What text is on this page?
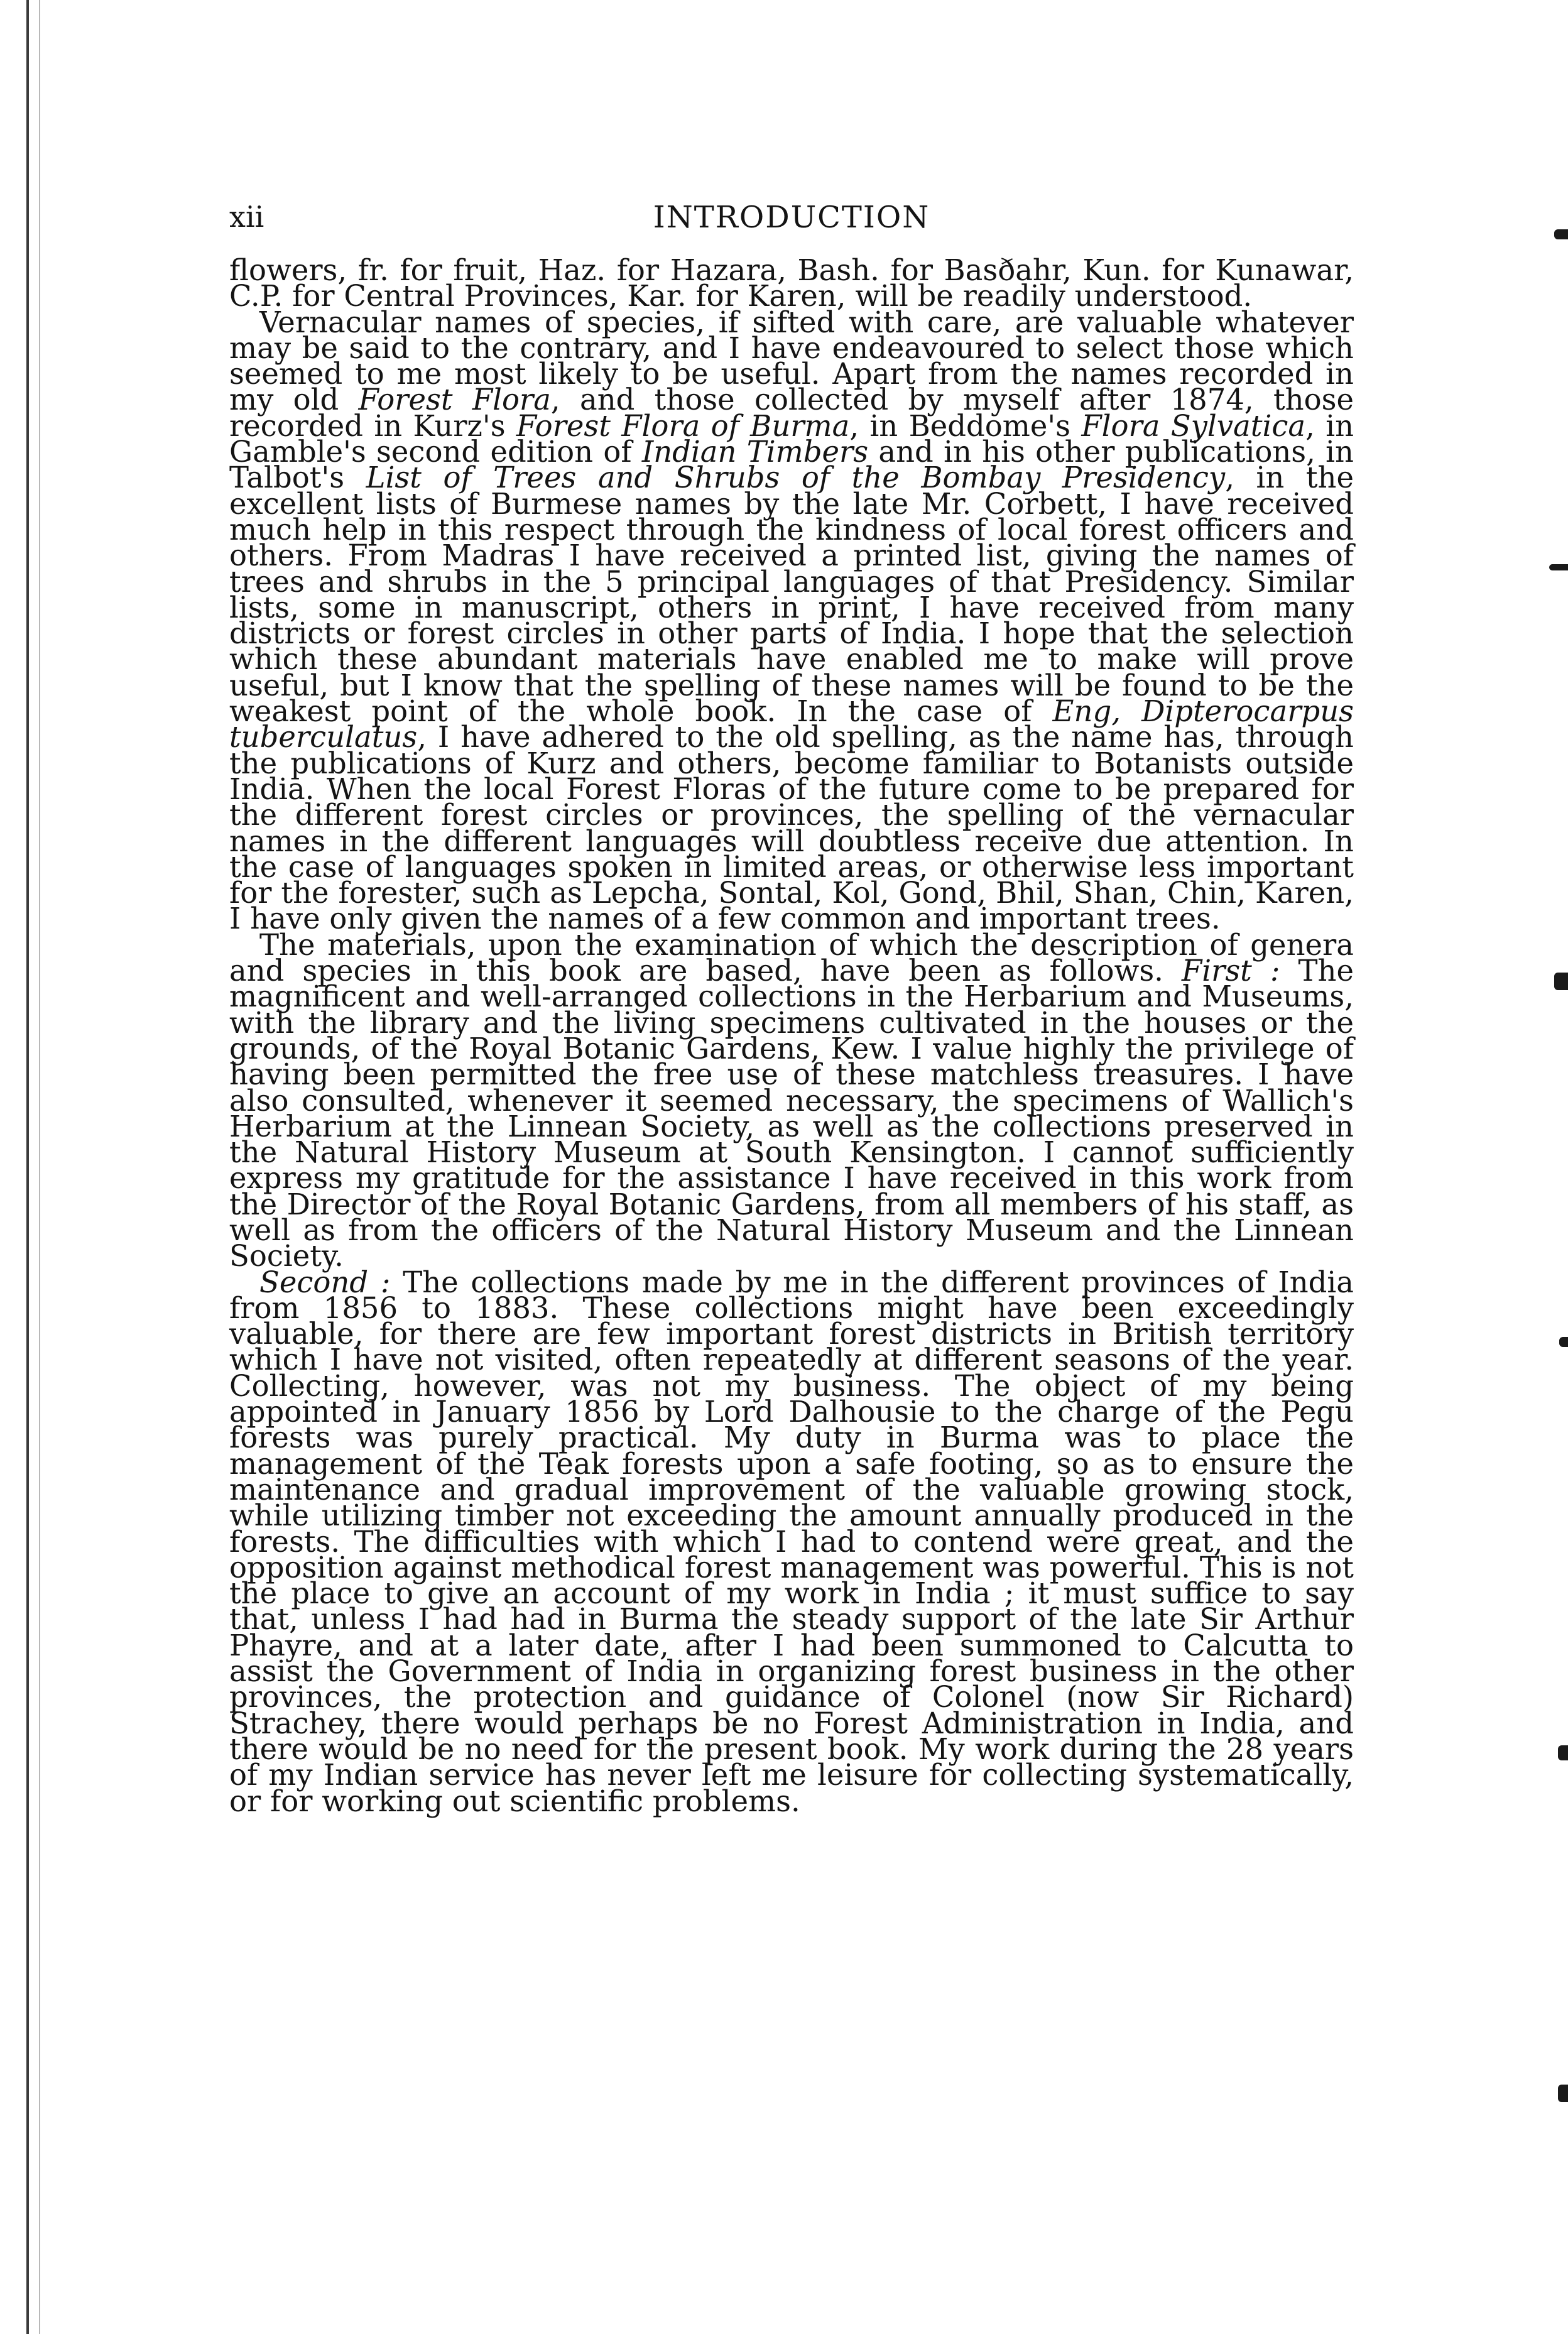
xii	INTRODUCTION

flowers, fr. for fruit, Haz. for Hazara, Bash. for Basðahr, Kun. for Kunawar, C.P. for Central Provinces, Kar. for Karen, will be readily understood.

Vernacular names of species, if sifted with care, are valuable whatever may be said to the contrary, and I have endeavoured to select those which seemed to me most likely to be useful. Apart from the names recorded in my old Forest Flora, and those collected by myself after 1874, those recorded in Kurz's Forest Flora of Burma, in Beddome's Flora Sylvatica, in Gamble's second edition of Indian Timbers and in his other publications, in Talbot's List of Trees and Shrubs of the Bombay Presidency, in the excellent lists of Burmese names by the late Mr. Corbett, I have received much help in this respect through the kindness of local forest officers and others. From Madras I have received a printed list, giving the names of trees and shrubs in the 5 principal languages of that Presidency. Similar lists, some in manuscript, others in print, I have received from many districts or forest circles in other parts of India. I hope that the selection which these abundant materials have enabled me to make will prove useful, but I know that the spelling of these names will be found to be the weakest point of the whole book. In the case of Eng, Dipterocarpus tuberculatus, I have adhered to the old spelling, as the name has, through the publications of Kurz and others, become familiar to Botanists outside India. When the local Forest Floras of the future come to be prepared for the different forest circles or provinces, the spelling of the vernacular names in the different languages will doubtless receive due attention. In the case of languages spoken in limited areas, or otherwise less important for the forester, such as Lepcha, Sontal, Kol, Gond, Bhil, Shan, Chin, Karen, I have only given the names of a few common and important trees.

The materials, upon the examination of which the description of genera and species in this book are based, have been as follows. First : The magnificent and well-arranged collections in the Herbarium and Museums, with the library and the living specimens cultivated in the houses or the grounds, of the Royal Botanic Gardens, Kew. I value highly the privilege of having been permitted the free use of these matchless treasures. I have also consulted, whenever it seemed necessary, the specimens of Wallich's Herbarium at the Linnean Society, as well as the collections preserved in the Natural History Museum at South Kensington. I cannot sufficiently express my gratitude for the assistance I have received in this work from the Director of the Royal Botanic Gardens, from all members of his staff, as well as from the officers of the Natural History Museum and the Linnean Society.

Second : The collections made by me in the different provinces of India from 1856 to 1883. These collections might have been exceedingly valuable, for there are few important forest districts in British territory which I have not visited, often repeatedly at different seasons of the year. Collecting, however, was not my business. The object of my being appointed in January 1856 by Lord Dalhousie to the charge of the Pegu forests was purely practical. My duty in Burma was to place the management of the Teak forests upon a safe footing, so as to ensure the maintenance and gradual improvement of the valuable growing stock, while utilizing timber not exceeding the amount annually produced in the forests. The difficulties with which I had to contend were great, and the opposition against methodical forest management was powerful. This is not the place to give an account of my work in India ; it must suffice to say that, unless I had had in Burma the steady support of the late Sir Arthur Phayre, and at a later date, after I had been summoned to Calcutta to assist the Government of India in organizing forest business in the other provinces, the protection and guidance of Colonel (now Sir Richard) Strachey, there would perhaps be no Forest Administration in India, and there would be no need for the present book. My work during the 28 years of my Indian service has never left me leisure for collecting systematically, or for working out scientific problems.
